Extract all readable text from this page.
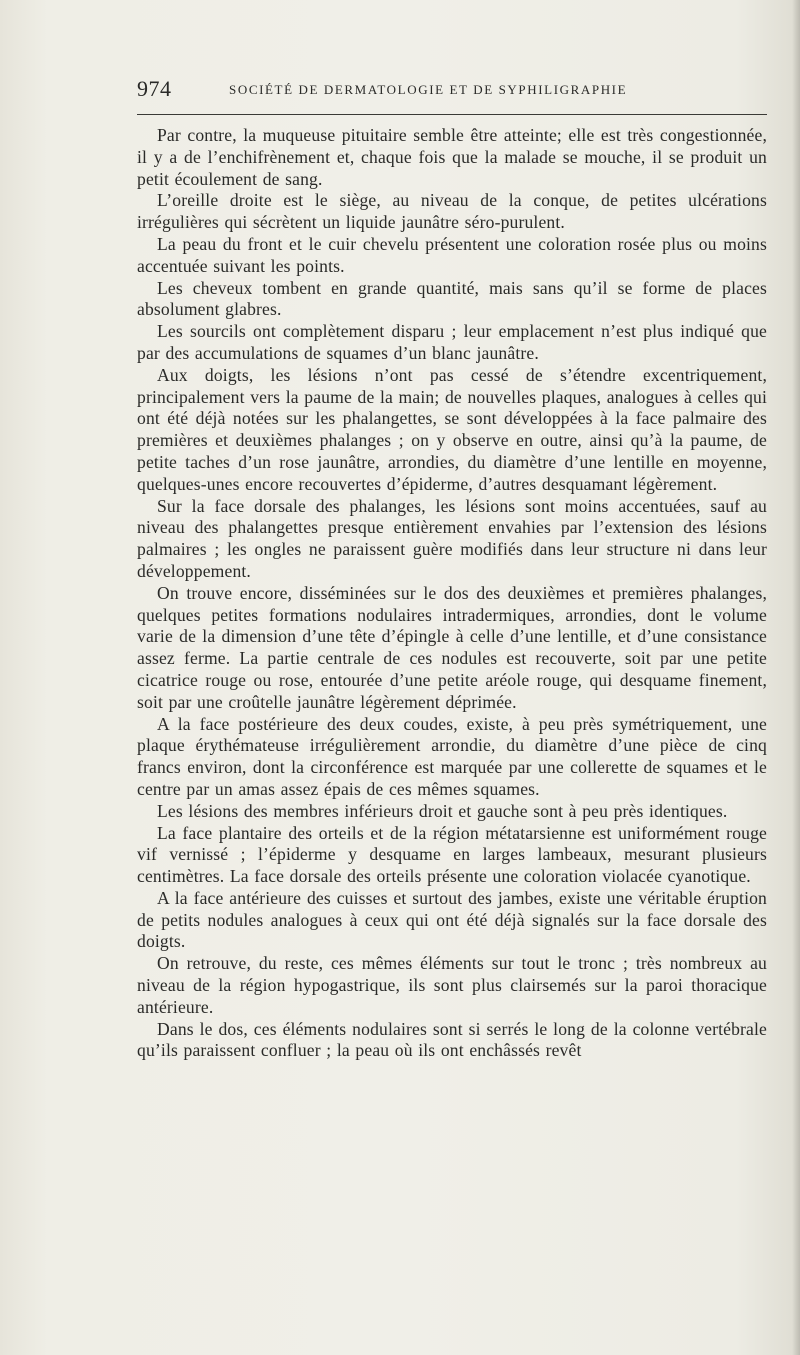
974	SOCIÉTÉ DE DERMATOLOGIE ET DE SYPHILIGRAPHIE

Par contre, la muqueuse pituitaire semble être atteinte; elle est très congestionnée, il y a de l’enchifrènement et, chaque fois que la malade se mouche, il se produit un petit écoulement de sang.

L’oreille droite est le siège, au niveau de la conque, de petites ulcérations irrégulières qui sécrètent un liquide jaunâtre séro-purulent.

La peau du front et le cuir chevelu présentent une coloration rosée plus ou moins accentuée suivant les points.

Les cheveux tombent en grande quantité, mais sans qu’il se forme de places absolument glabres.

Les sourcils ont complètement disparu ; leur emplacement n’est plus indiqué que par des accumulations de squames d’un blanc jaunâtre.

Aux doigts, les lésions n’ont pas cessé de s’étendre excentriquement, principalement vers la paume de la main; de nouvelles plaques, analogues à celles qui ont été déjà notées sur les phalangettes, se sont développées à la face palmaire des premières et deuxièmes phalanges ; on y observe en outre, ainsi qu’à la paume, de petite taches d’un rose jaunâtre, arrondies, du diamètre d’une lentille en moyenne, quelques-unes encore recouvertes d’épiderme, d’autres desquamant légèrement.

Sur la face dorsale des phalanges, les lésions sont moins accentuées, sauf au niveau des phalangettes presque entièrement envahies par l’extension des lésions palmaires ; les ongles ne paraissent guère modifiés dans leur structure ni dans leur développement.

On trouve encore, disséminées sur le dos des deuxièmes et premières phalanges, quelques petites formations nodulaires intradermiques, arrondies, dont le volume varie de la dimension d’une tête d’épingle à celle d’une lentille, et d’une consistance assez ferme. La partie centrale de ces nodules est recouverte, soit par une petite cicatrice rouge ou rose, entourée d’une petite aréole rouge, qui desquame finement, soit par une croûtelle jaunâtre légèrement déprimée.

A la face postérieure des deux coudes, existe, à peu près symétriquement, une plaque érythémateuse irrégulièrement arrondie, du diamètre d’une pièce de cinq francs environ, dont la circonférence est marquée par une collerette de squames et le centre par un amas assez épais de ces mêmes squames.

Les lésions des membres inférieurs droit et gauche sont à peu près identiques.

La face plantaire des orteils et de la région métatarsienne est uniformément rouge vif vernissé ; l’épiderme y desquame en larges lambeaux, mesurant plusieurs centimètres. La face dorsale des orteils présente une coloration violacée cyanotique.

A la face antérieure des cuisses et surtout des jambes, existe une véritable éruption de petits nodules analogues à ceux qui ont été déjà signalés sur la face dorsale des doigts.

On retrouve, du reste, ces mêmes éléments sur tout le tronc ; très nombreux au niveau de la région hypogastrique, ils sont plus clairsemés sur la paroi thoracique antérieure.

Dans le dos, ces éléments nodulaires sont si serrés le long de la colonne vertébrale qu’ils paraissent confluer ; la peau où ils ont enchâssés revêt
